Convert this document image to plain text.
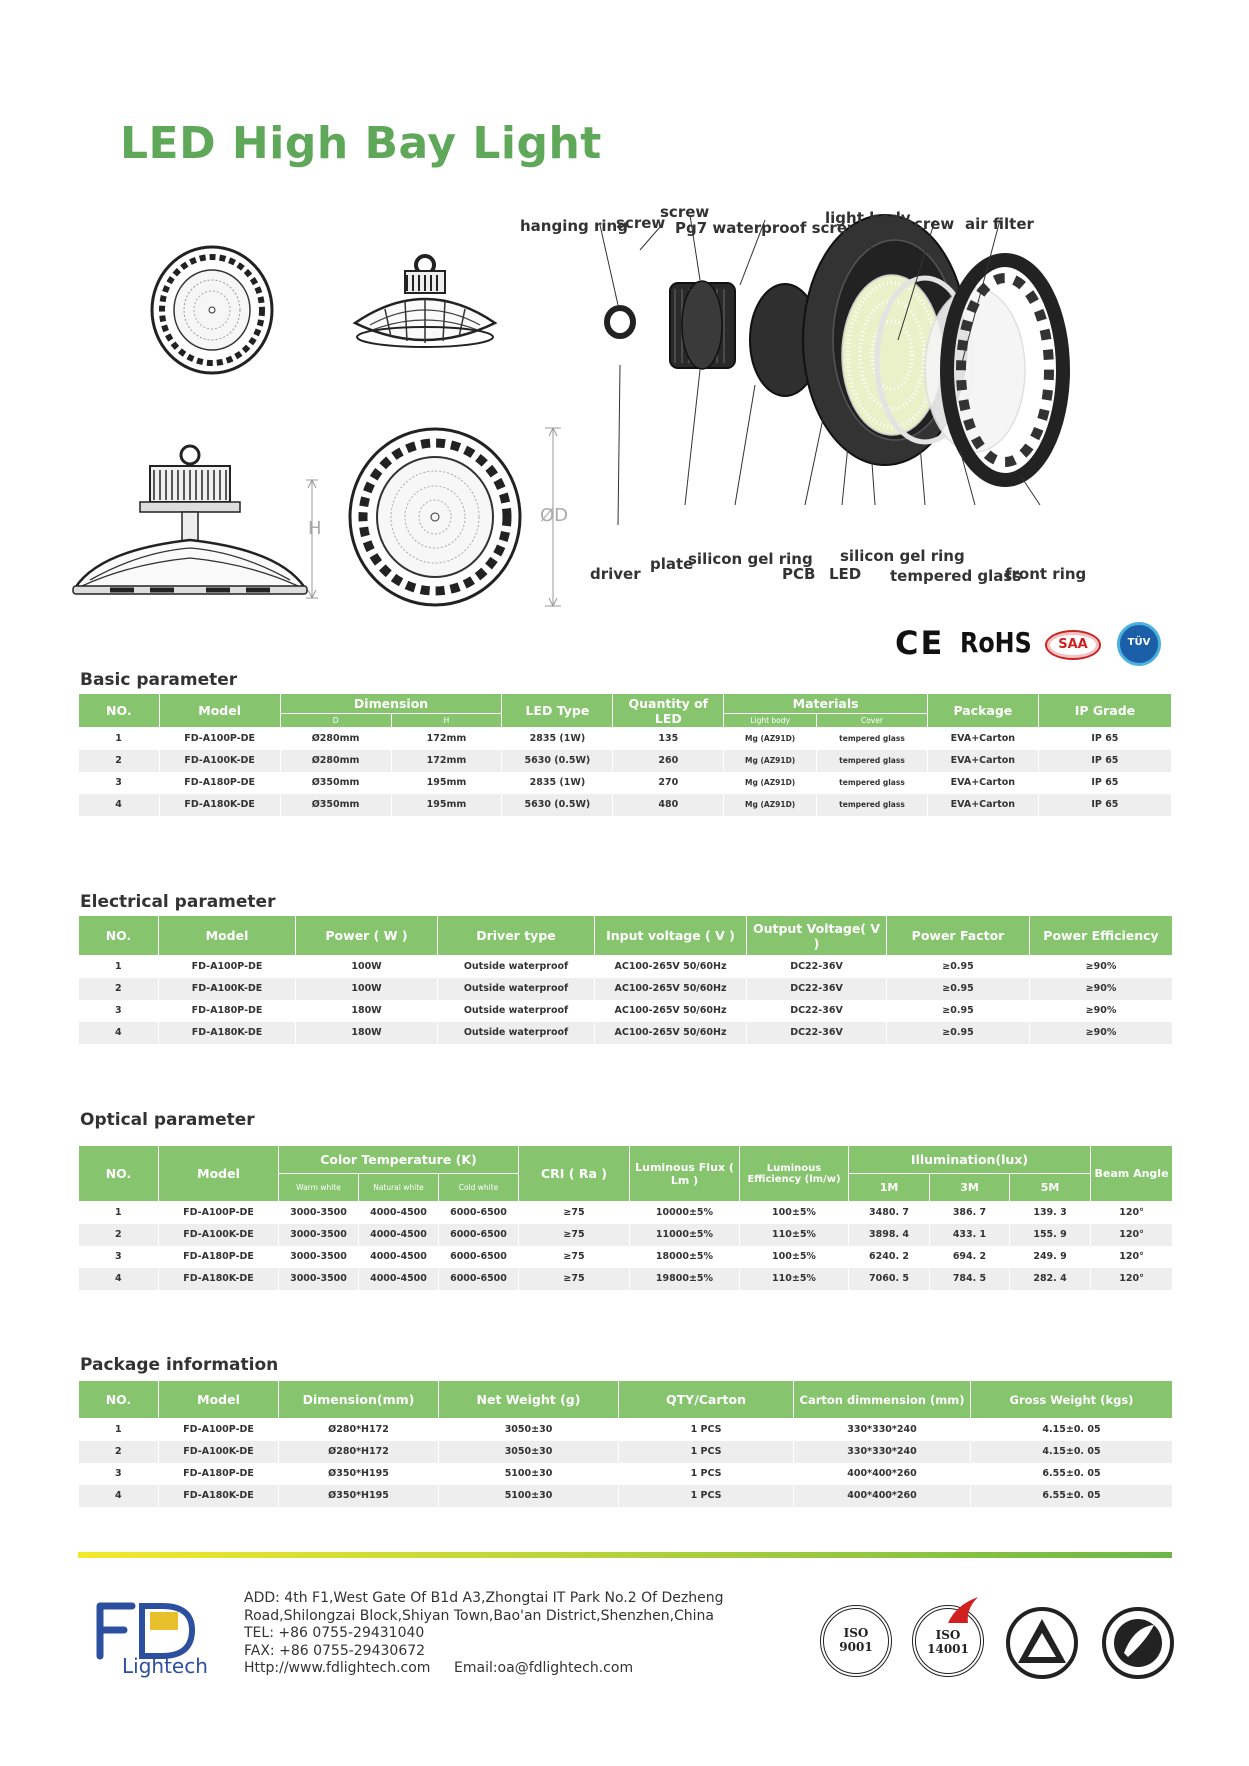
LED High Bay Light
H
ØD
hanging ring
screw
screw
Pg7 waterproof screw
light body
screw air filter
driver
plate
silicon gel ring
PCB LED
silicon gel ring
tempered glass
front ring
CE RoHS	SAA	TÜV
Basic parameter
NO.	Model	Dimension		LED Type	Quantity of LED	Materials		Package	IP Grade
		D	H			Light body	Cover		
1	FD-A100P-DE	Ø280mm	172mm	2835 (1W)	135	Mg (AZ91D)	tempered glass	EVA+Carton	IP 65
2	FD-A100K-DE	Ø280mm	172mm	5630 (0.5W)	260	Mg (AZ91D)	tempered glass	EVA+Carton	IP 65
3	FD-A180P-DE	Ø350mm	195mm	2835 (1W)	270	Mg (AZ91D)	tempered glass	EVA+Carton	IP 65
4	FD-A180K-DE	Ø350mm	195mm	5630 (0.5W)	480	Mg (AZ91D)	tempered glass	EVA+Carton	IP 65
Electrical parameter
NO.	Model	Power ( W )	Driver type	Input voltage ( V )	Output Voltage( V )	Power Factor	Power Efficiency
1	FD-A100P-DE	100W	Outside waterproof	AC100-265V 50/60Hz	DC22-36V	≥0.95	≥90%
2	FD-A100K-DE	100W	Outside waterproof	AC100-265V 50/60Hz	DC22-36V	≥0.95	≥90%
3	FD-A180P-DE	180W	Outside waterproof	AC100-265V 50/60Hz	DC22-36V	≥0.95	≥90%
4	FD-A180K-DE	180W	Outside waterproof	AC100-265V 50/60Hz	DC22-36V	≥0.95	≥90%
Optical parameter
NO.	Model	Color Temperature (K)			CRI ( Ra )	Luminous Flux ( Lm )	Luminous Efficiency (lm/w)	Illumination(lux)			Beam Angle
		Warm white	Natural white	Cold white				1M	3M	5M	
1	FD-A100P-DE	3000-3500	4000-4500	6000-6500	≥75	10000±5%	100±5%	3480. 7	386. 7	139. 3	120°
2	FD-A100K-DE	3000-3500	4000-4500	6000-6500	≥75	11000±5%	110±5%	3898. 4	433. 1	155. 9	120°
3	FD-A180P-DE	3000-3500	4000-4500	6000-6500	≥75	18000±5%	100±5%	6240. 2	694. 2	249. 9	120°
4	FD-A180K-DE	3000-3500	4000-4500	6000-6500	≥75	19800±5%	110±5%	7060. 5	784. 5	282. 4	120°
Package information
NO.	Model	Dimension(mm)	Net Weight (g)	QTY/Carton	Carton dimmension (mm)	Gross Weight (kgs)
1	FD-A100P-DE	Ø280*H172	3050±30	1 PCS	330*330*240	4.15±0. 05
2	FD-A100K-DE	Ø280*H172	3050±30	1 PCS	330*330*240	4.15±0. 05
3	FD-A180P-DE	Ø350*H195	5100±30	1 PCS	400*400*260	6.55±0. 05
4	FD-A180K-DE	Ø350*H195	5100±30	1 PCS	400*400*260	6.55±0. 05
Lightech
ADD: 4th F1,West Gate Of B1d A3,Zhongtai IT Park No.2 Of Dezheng
Road,Shilongzai Block,Shiyan Town,Bao'an District,Shenzhen,China
TEL: +86 0755-29431040
FAX: +86 0755-29430672
Http://www.fdlightech.com	Email:oa@fdlightech.com
ISO 9001
ISO 14001
